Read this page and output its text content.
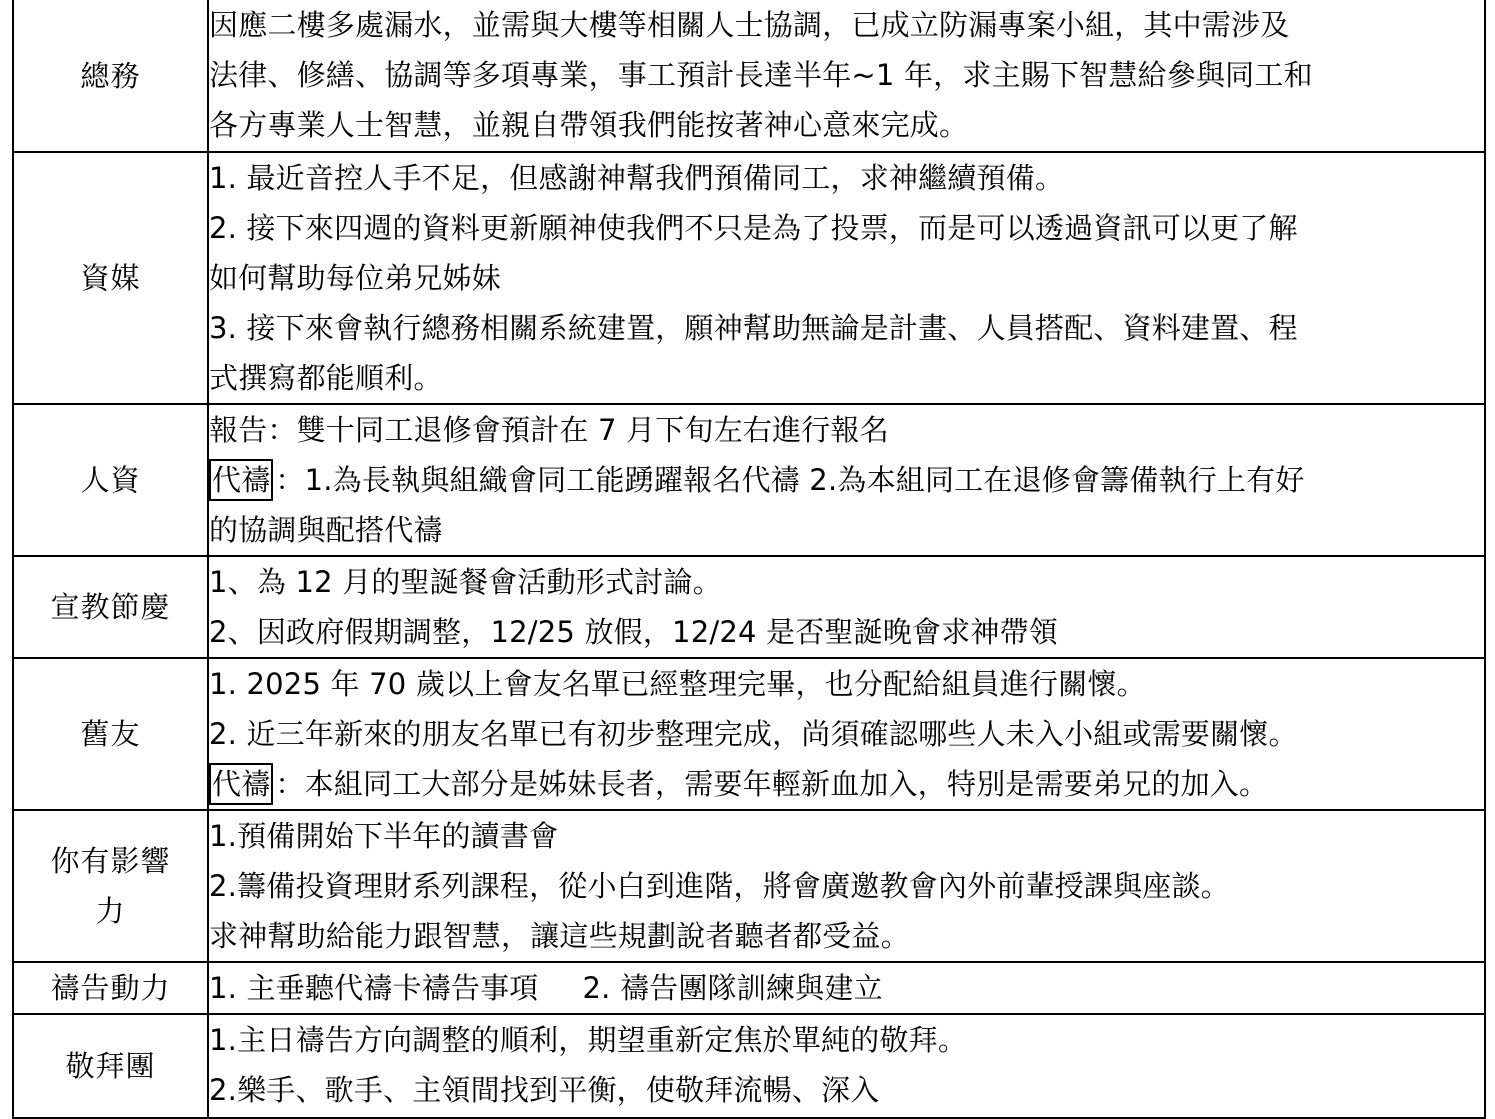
總務	因應二樓多處漏水，並需與大樓等相關人士協調，已成立防漏專案小組，其中需涉及
法律、修繕、協調等多項專業，事工預計長達半年~1 年，求主賜下智慧給參與同工和
各方專業人士智慧，並親自帶領我們能按著神心意來完成。

資媒	1. 最近音控人手不足，但感謝神幫我們預備同工，求神繼續預備。
2. 接下來四週的資料更新願神使我們不只是為了投票，而是可以透過資訊可以更了解
如何幫助每位弟兄姊妹
3. 接下來會執行總務相關系統建置，願神幫助無論是計畫、人員搭配、資料建置、程
式撰寫都能順利。

人資	報告：雙十同工退修會預計在 7 月下旬左右進行報名
代禱 ：1.為長執與組織會同工能踴躍報名代禱 2.為本組同工在退修會籌備執行上有好
的協調與配搭代禱

宣教節慶	1、為 12 月的聖誕餐會活動形式討論。
2、因政府假期調整，12/25 放假，12/24 是否聖誕晚會求神帶領

舊友	1. 2025 年 70 歲以上會友名單已經整理完畢，也分配給組員進行關懷。
2. 近三年新來的朋友名單已有初步整理完成，尚須確認哪些人未入小組或需要關懷。
代禱 ：本組同工大部分是姊妹長者，需要年輕新血加入，特別是需要弟兄的加入。

你有影響
力	1.預備開始下半年的讀書會
2.籌備投資理財系列課程，從小白到進階，將會廣邀教會內外前輩授課與座談。
求神幫助給能力跟智慧，讓這些規劃說者聽者都受益。

禱告動力	1. 主垂聽代禱卡禱告事項 2. 禱告團隊訓練與建立

敬拜團	1.主日禱告方向調整的順利，期望重新定焦於單純的敬拜。
2.樂手、歌手、主領間找到平衡，使敬拜流暢、深入
